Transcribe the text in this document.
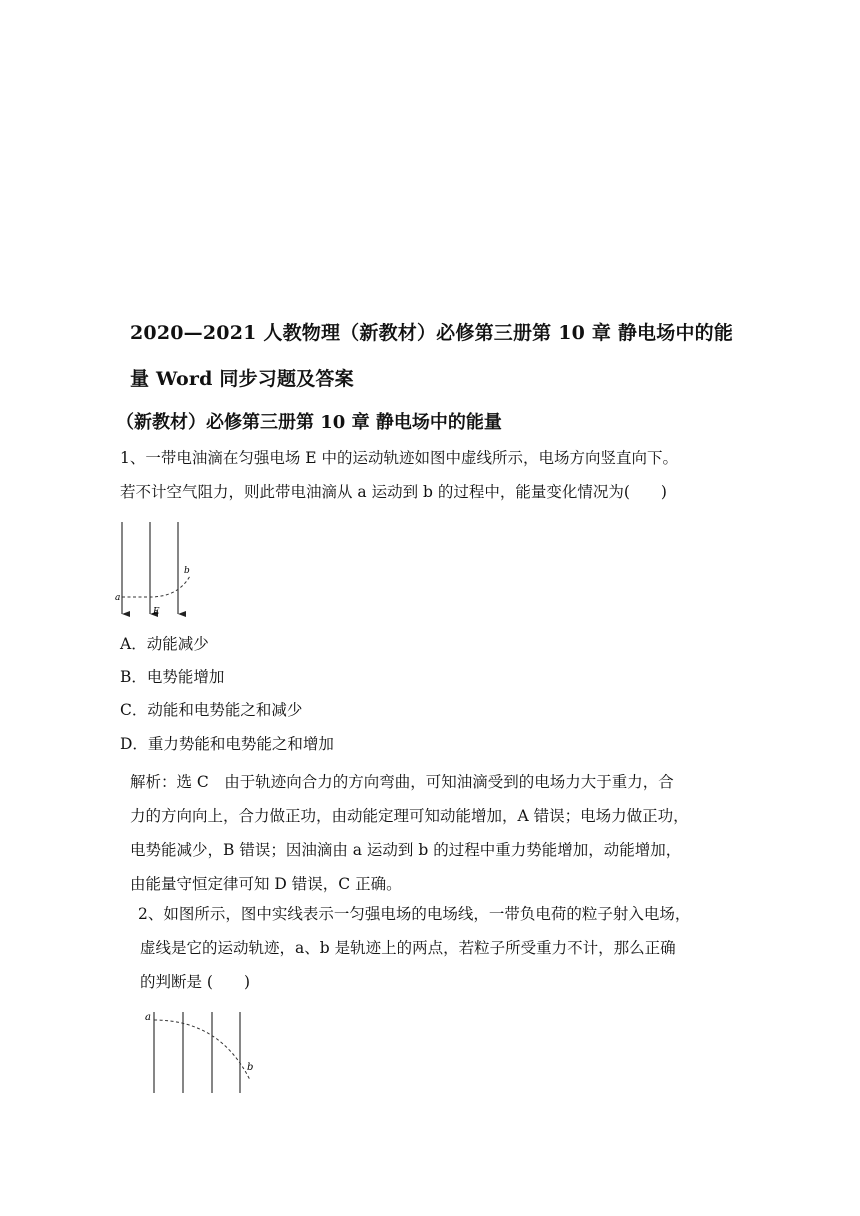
2020—2021 人教物理（新教材）必修第三册第 10 章 静电场中的能
量 Word 同步习题及答案
（新教材）必修第三册第 10 章 静电场中的能量
1、一带电油滴在匀强电场 E 中的运动轨迹如图中虚线所示，电场方向竖直向下。
若不计空气阻力，则此带电油滴从 a 运动到 b 的过程中，能量变化情况为(　　)
a
b
E
A．动能减少
B．电势能增加
C．动能和电势能之和减少
D．重力势能和电势能之和增加
解析：选 C　由于轨迹向合力的方向弯曲，可知油滴受到的电场力大于重力，合
力的方向向上，合力做正功，由动能定理可知动能增加，A 错误；电场力做正功，
电势能减少，B 错误；因油滴由 a 运动到 b 的过程中重力势能增加，动能增加，
由能量守恒定律可知 D 错误，C 正确。
2、如图所示，图中实线表示一匀强电场的电场线，一带负电荷的粒子射入电场，
虚线是它的运动轨迹，a、b 是轨迹上的两点，若粒子所受重力不计，那么正确
的判断是 (　　)
a
b
